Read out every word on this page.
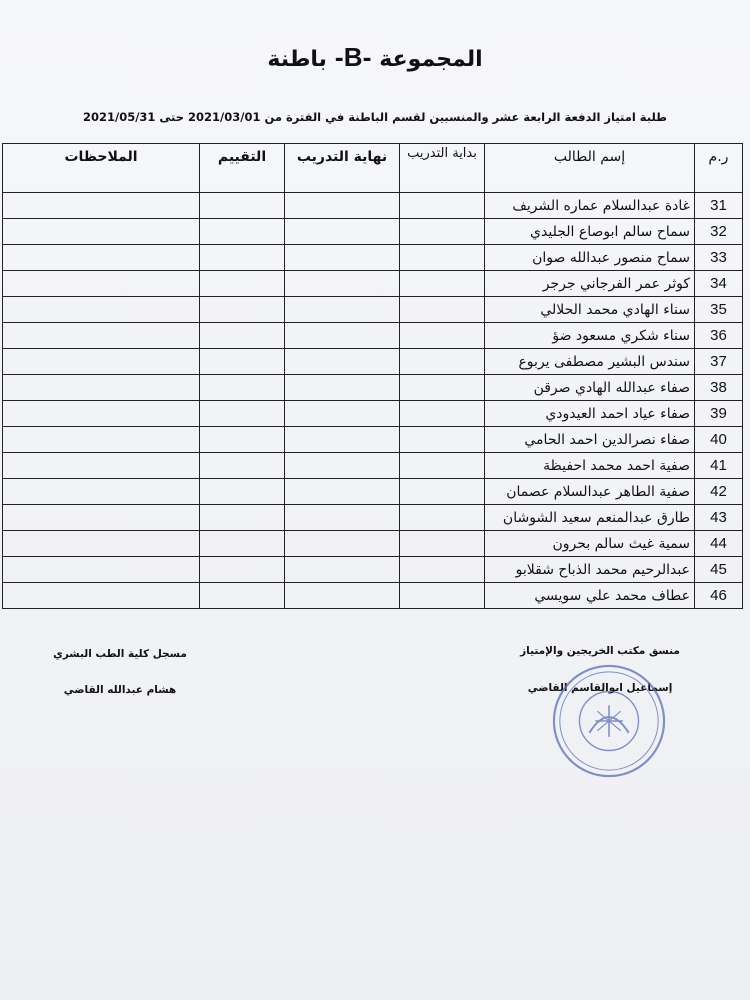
المجموعة -B- باطنة
طلبة امتياز الدفعة الرابعة عشر والمنسبين لقسم الباطنة في الفترة من 2021/03/01 حتى 2021/05/31
ر.م	إسم الطالب	بداية التدريب	نهاية التدريب	التقييم	الملاحظات
31	غادة عبدالسلام عماره الشريف				
32	سماح سالم ابوصاع الجليدي				
33	سماح منصور عبدالله صوان				
34	كوثر عمر الفرجاني جرجر				
35	سناء الهادي محمد الحلالي				
36	سناء شكري مسعود ضؤ				
37	سندس البشير مصطفى يربوع				
38	صفاء عبدالله الهادي صرقن				
39	صفاء عياد احمد العيدودي				
40	صفاء نصرالدين احمد الحامي				
41	صفية احمد محمد احفيظة				
42	صفية الطاهر عبدالسلام عصمان				
43	طارق عبدالمنعم سعيد الشوشان				
44	سمية غيث سالم بحرون				
45	عبدالرحيم محمد الذباح شقلابو				
46	عطاف محمد علي سويسي				
منسق مكتب الخريجين والإمتياز
إسماعيل ابوالقاسم القاضي
مسجل كلية الطب البشري
هشام عبدالله القاضي
